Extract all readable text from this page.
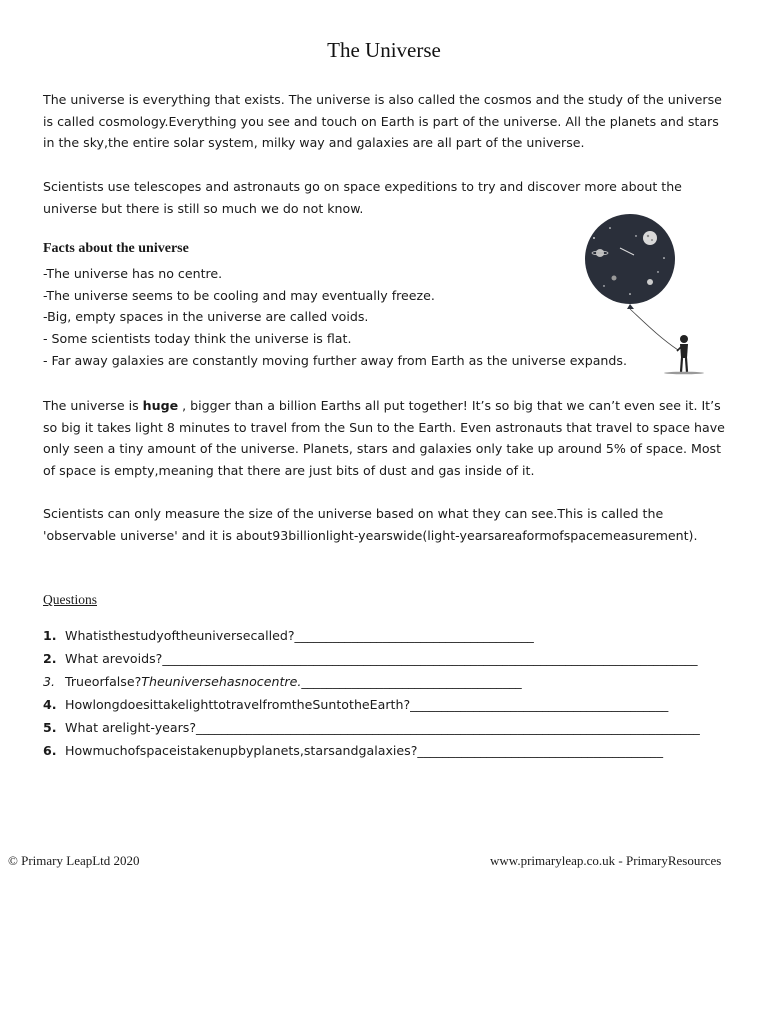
The Universe

The universe is everything that exists. The universe is also called the cosmos and the study of the universe is called cosmology.Everything you see and touch on Earth is part of the universe. All the planets and stars in the sky,the entire solar system, milky way and galaxies are all part of the universe.

Scientists use telescopes and astronauts go on space expeditions to try and discover more about the universe but there is still so much we do not know.

Facts about the universe
-The universe has no centre.
-The universe seems to be cooling and may eventually freeze.
-Big, empty spaces in the universe are called voids.
- Some scientists today think the universe is flat.
- Far away galaxies are constantly moving further away from Earth as the universe expands.

The universe is huge , bigger than a billion Earths all put together! It’s so big that we can’t even see it. It’s so big it takes light 8 minutes to travel from the Sun to the Earth. Even astronauts that travel to space have only seen a tiny amount of the universe. Planets, stars and galaxies only take up around 5% of space. Most of space is empty,meaning that there are just bits of dust and gas inside of it.

Scientists can only measure the size of the universe based on what they can see.This is called the 'observable universe' and it is about93billionlight-yearswide(light-yearsareaformofspacemeasurement).

Questions
1. Whatisthestudyoftheuniversecalled? ______________________________________
2. What arevoids? _____________________________________________________________________________________
3. Trueorfalse? Theuniversehasnocentre. ___________________________________
4. HowlongdoesittakelighttotravelfromtheSuntotheEarth? _________________________________________
5. What arelight-years? ________________________________________________________________________________
6. Howmuchofspaceistakenupbyplanets,starsandgalaxies? _______________________________________
© Primary LeapLtd 2020	www.primaryleap.co.uk - PrimaryResources
